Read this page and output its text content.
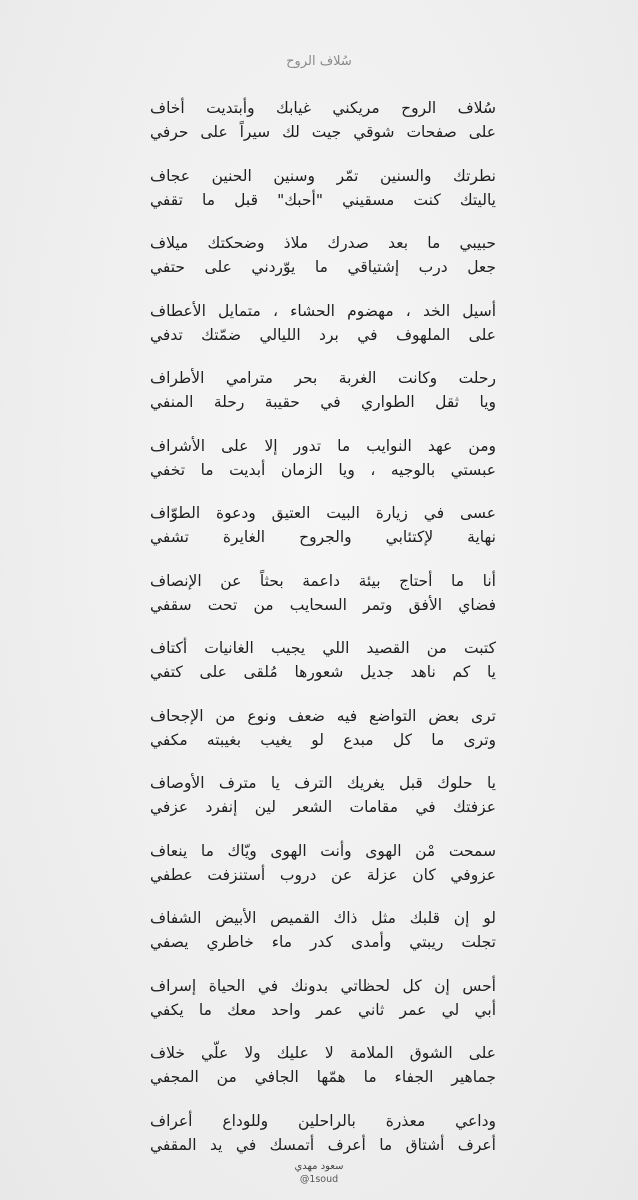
سُلاف الروح
سُلاف الروح مريكني غيابك وأبتديت أخاف
على صفحات شوقي جيت لك سيراً على حرفي
نطرتك والسنين تمّر وسنين الحنين عجاف
ياليتك كنت مسقيني "أحبك" قبل ما تقفي
حبيبي ما بعد صدرك ملاذ وضحكتك ميلاف
جعل درب إشتياقي ما يوّردني على حتفي
أسيل الخد ، مهضوم الحشاء ، متمايل الأعطاف
على الملهوف في برد الليالي ضمّتك تدفي
رحلت وكانت الغربة بحر مترامي الأطراف
ويا ثقل الطواري في حقيبة رحلة المنفي
ومن عهد النوايب ما تدور إلا على الأشراف
عبستي بالوجيه ، ويا الزمان أبديت ما تخفي
عسى في زيارة البيت العتيق ودعوة الطوّاف
نهاية لإكتئابي والجروح الغايرة تشفي
أنا ما أحتاج بيئة داعمة بحثاً عن الإنصاف
فضاي الأفق وتمر السحايب من تحت سقفي
كتبت من القصيد اللي يجيب الغانيات أكتاف
يا كم ناهد جديل شعورها مُلقى على كتفي
ترى بعض التواضع فيه ضعف ونوع من الإجحاف
وترى ما كل مبدع لو يغيب بغيبته مكفي
يا حلوك قبل يغريك الترف يا مترف الأوصاف
عزفتك في مقامات الشعر لين إنفرد عزفي
سمحت مْن الهوى وأنت الهوى ويّاك ما ينعاف
عزوفي كان عزلة عن دروب أستنزفت عطفي
لو إن قلبك مثل ذاك القميص الأبيض الشفاف
تجلت ريبتي وأمدى كدر ماء خاطري يصفي
أحس إن كل لحظاتي بدونك في الحياة إسراف
أبي لي عمر ثاني عمر واحد معك ما يكفي
على الشوق الملامة لا عليك ولا علّي خلاف
جماهير الجفاء ما همّها الجافي من المجفي
وداعي معذرة بالراحلين وللوداع أعراف
أعرف أشتاق ما أعرف أتمسك في يد المقفي
سعود مهدي
@1soud
